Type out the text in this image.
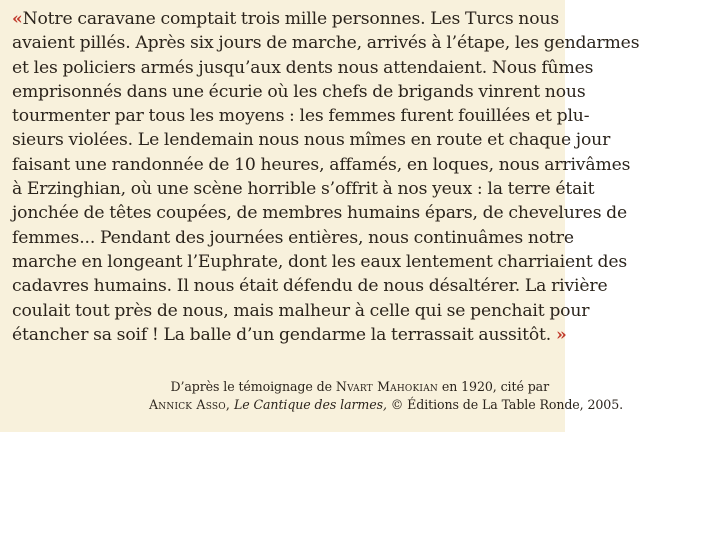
«Notre caravane comptait trois mille personnes. Les Turcs nous
avaient pillés. Après six jours de marche, arrivés à l’étape, les gendarmes
et les policiers armés jusqu’aux dents nous attendaient. Nous fûmes
emprisonnés dans une écurie où les chefs de brigands vinrent nous
tourmenter par tous les moyens : les femmes furent fouillées et plu-
sieurs violées. Le lendemain nous nous mîmes en route et chaque jour
faisant une randonnée de 10 heures, affamés, en loques, nous arrivâmes
à Erzinghian, où une scène horrible s’offrit à nos yeux : la terre était
jonchée de têtes coupées, de membres humains épars, de chevelures de
femmes... Pendant des journées entières, nous continuâmes notre
marche en longeant l’Euphrate, dont les eaux lentement charriaient des
cadavres humains. Il nous était défendu de nous désaltérer. La rivière
coulait tout près de nous, mais malheur à celle qui se penchait pour
étancher sa soif ! La balle d’un gendarme la terrassait aussitôt. »

D’après le témoignage de Nvart Mahokian en 1920, cité par
Annick Asso, Le Cantique des larmes, © Éditions de La Table Ronde, 2005.
